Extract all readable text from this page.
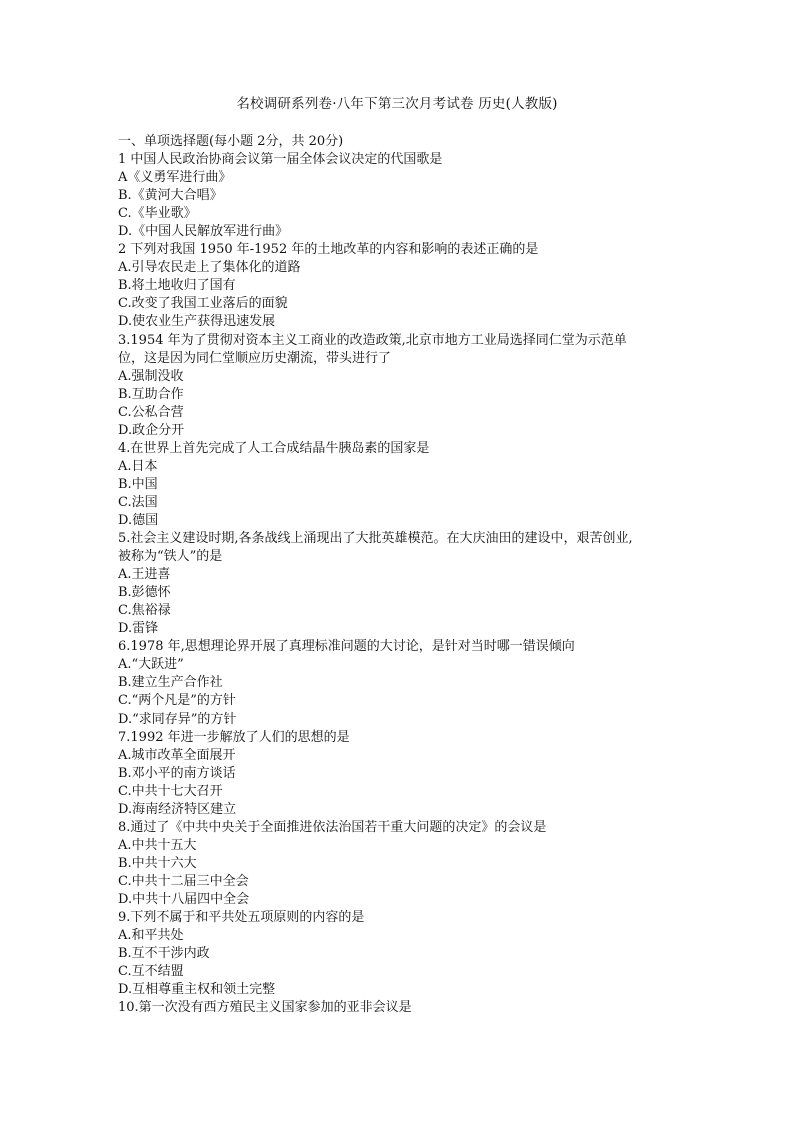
名校调研系列卷·八年下第三次月考试卷 历史(人教版)
一、单项选择题(每小题 2分，共 20分)
1 中国人民政治协商会议第一届全体会议决定的代国歌是
A《义勇军进行曲》
B.《黄河大合唱》
C.《毕业歌》
D.《中国人民解放军进行曲》
2 下列对我国 1950 年-1952 年的土地改革的内容和影响的表述正确的是
A.引导农民走上了集体化的道路
B.将土地收归了国有
C.改变了我国工业落后的面貌
D.使农业生产获得迅速发展
3.1954 年为了贯彻对资本主义工商业的改造政策,北京市地方工业局选择同仁堂为示范单
位，这是因为同仁堂顺应历史潮流，带头进行了
A.强制没收
B.互助合作
C.公私合营
D.政企分开
4.在世界上首先完成了人工合成结晶牛胰岛素的国家是
A.日本
B.中国
C.法国
D.德国
5.社会主义建设时期,各条战线上涌现出了大批英雄模范。在大庆油田的建设中，艰苦创业,
被称为“铁人”的是
A.王进喜
B.彭德怀
C.焦裕禄
D.雷锋
6.1978 年,思想理论界开展了真理标准问题的大讨论，是针对当时哪一错误倾向
A.“大跃进”
B.建立生产合作社
C.“两个凡是”的方针
D.“求同存异”的方针
7.1992 年进一步解放了人们的思想的是
A.城市改革全面展开
B.邓小平的南方谈话
C.中共十七大召开
D.海南经济特区建立
8.通过了《中共中央关于全面推进依法治国若干重大问题的决定》的会议是
A.中共十五大
B.中共十六大
C.中共十二届三中全会
D.中共十八届四中全会
9.下列不属于和平共处五项原则的内容的是
A.和平共处
B.互不干涉内政
C.互不结盟
D.互相尊重主权和领土完整
10.第一次没有西方殖民主义国家参加的亚非会议是
